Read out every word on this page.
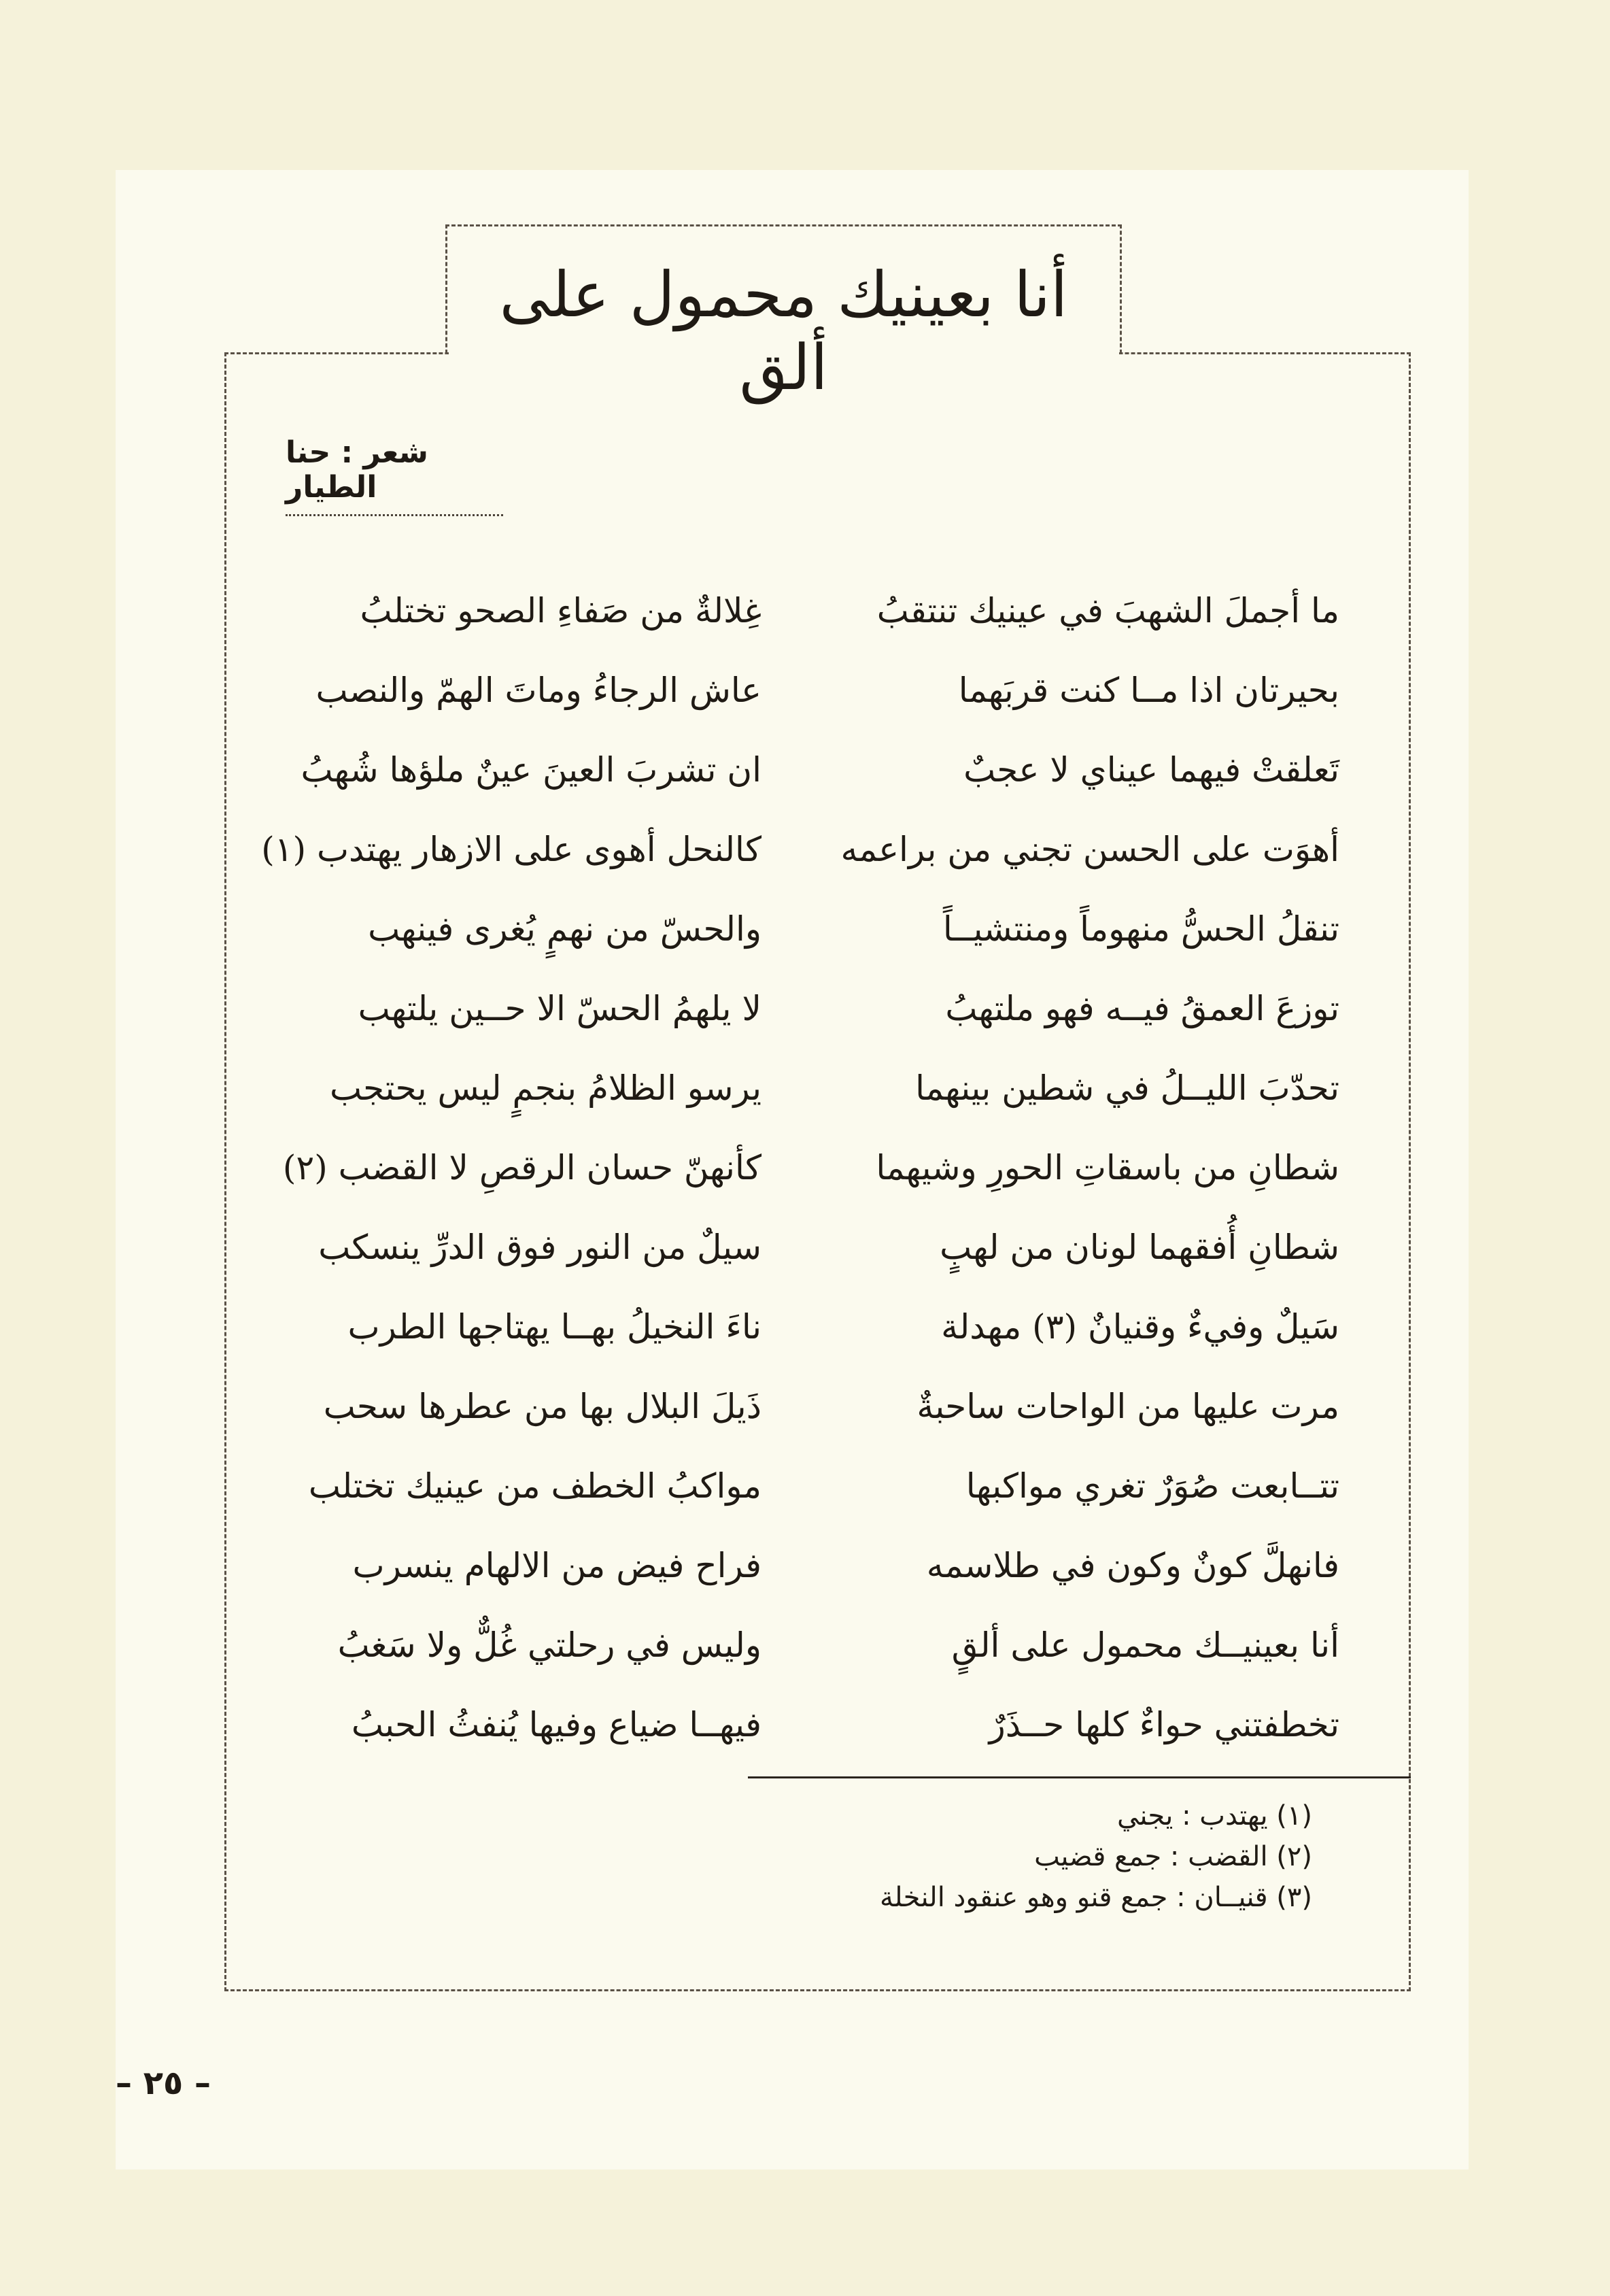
أنا بعينيك محمول على ألق
شعر : حنا الطيار
ما أجملَ الشهبَ في عينيك تنتقبُ
بحيرتان اذا مــا كنت قربَهما
تَعلقتْ فيهما عيناي لا عجبٌ
أهوَت على الحسن تجني من براعمه
تنقلُ الحسُّ منهوماً ومنتشيــاً
توزعَ العمقُ فيــه فهو ملتهبُ
تحدّبَ الليــلُ في شطين بينهما
شطانِ من باسقاتِ الحورِ وشيهما
شطانِ أُفقهما لونان من لهبٍ
سَيلٌ وفيءٌ وقنيانٌ (٣) مهدلة
مرت عليها من الواحات ساحبةٌ
تتــابعت صُوَرٌ تغري مواكبها
فانهلَّ كونٌ وكون في طلاسمه
أنا بعينيــك محمول على ألقٍ
تخطفتني حواءٌ كلها حــذَرٌ
غِلالةٌ من صَفاءِ الصحو تختلبُ
عاش الرجاءُ وماتَ الهمّ والنصب
ان تشربَ العينَ عينٌ ملؤها شُهبُ
كالنحل أهوى على الازهار يهتدب (١)
والحسّ من نهمٍ يُغرى فينهب
لا يلهمُ الحسّ الا حــين يلتهب
يرسو الظلامُ بنجمٍ ليس يحتجب
كأنهنّ حسان الرقصِ لا القضب (٢)
سيلٌ من النور فوق الدرِّ ينسكب
ناءَ النخيلُ بهــا يهتاجها الطرب
ذَيلَ البلال بها من عطرها سحب
مواكبُ الخطف من عينيك تختلب
فراح فيض من الالهام ينسرب
وليس في رحلتي غُلٌّ ولا سَغبُ
فيهــا ضياع وفيها يُنفثُ الحببُ
(١) يهتدب : يجني
(٢) القضب : جمع قضيب
(٣) قنيــان : جمع قنو وهو عنقود النخلة
– ٢٥ –
